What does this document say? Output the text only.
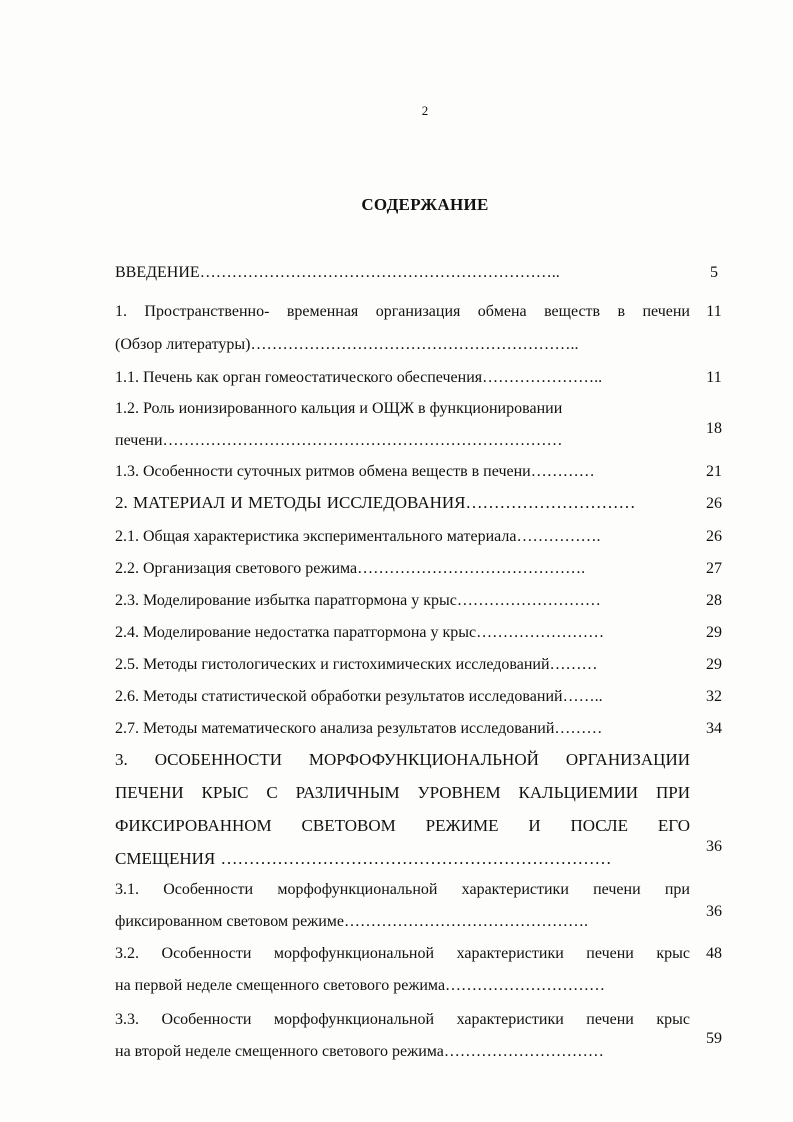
2
СОДЕРЖАНИЕ
ВВЕДЕНИЕ…………………………………………………………..	5
1. Пространственно- временная организация обмена веществ в печени
(Обзор литературы)……………………………………………………..
11
1.1. Печень как орган гомеостатического обеспечения…………………..	11
1.2. Роль ионизированного кальция и ОЩЖ в функционировании
печени…………………………………………………………………
18
1.3. Особенности суточных ритмов обмена веществ в печени…………	21
2. МАТЕРИАЛ И МЕТОДЫ ИССЛЕДОВАНИЯ…………………………	26
2.1. Общая характеристика экспериментального материала…………….	26
2.2. Организация светового режима…………………………………….	27
2.3. Моделирование избытка паратгормона у крыс………………………	28
2.4. Моделирование недостатка паратгормона у крыс……………………	29
2.5. Методы гистологических и гистохимических исследований………	29
2.6. Методы статистической обработки результатов исследований……..	32
2.7. Методы математического анализа результатов исследований………	34
3. ОСОБЕННОСТИ МОРФОФУНКЦИОНАЛЬНОЙ ОРГАНИЗАЦИИ
ПЕЧЕНИ КРЫС С РАЗЛИЧНЫМ УРОВНЕМ КАЛЬЦИЕМИИ ПРИ
ФИКСИРОВАННОМ СВЕТОВОМ РЕЖИМЕ И ПОСЛЕ ЕГО
СМЕЩЕНИЯ ……………………………………………………………
36
3.1. Особенности морфофункциональной характеристики печени при
фиксированном световом режиме……………………………………….
36
3.2. Особенности морфофункциональной характеристики печени крыс
на первой неделе смещенного светового режима…………………………
48
3.3. Особенности морфофункциональной характеристики печени крыс
на второй неделе смещенного светового режима…………………………
59
